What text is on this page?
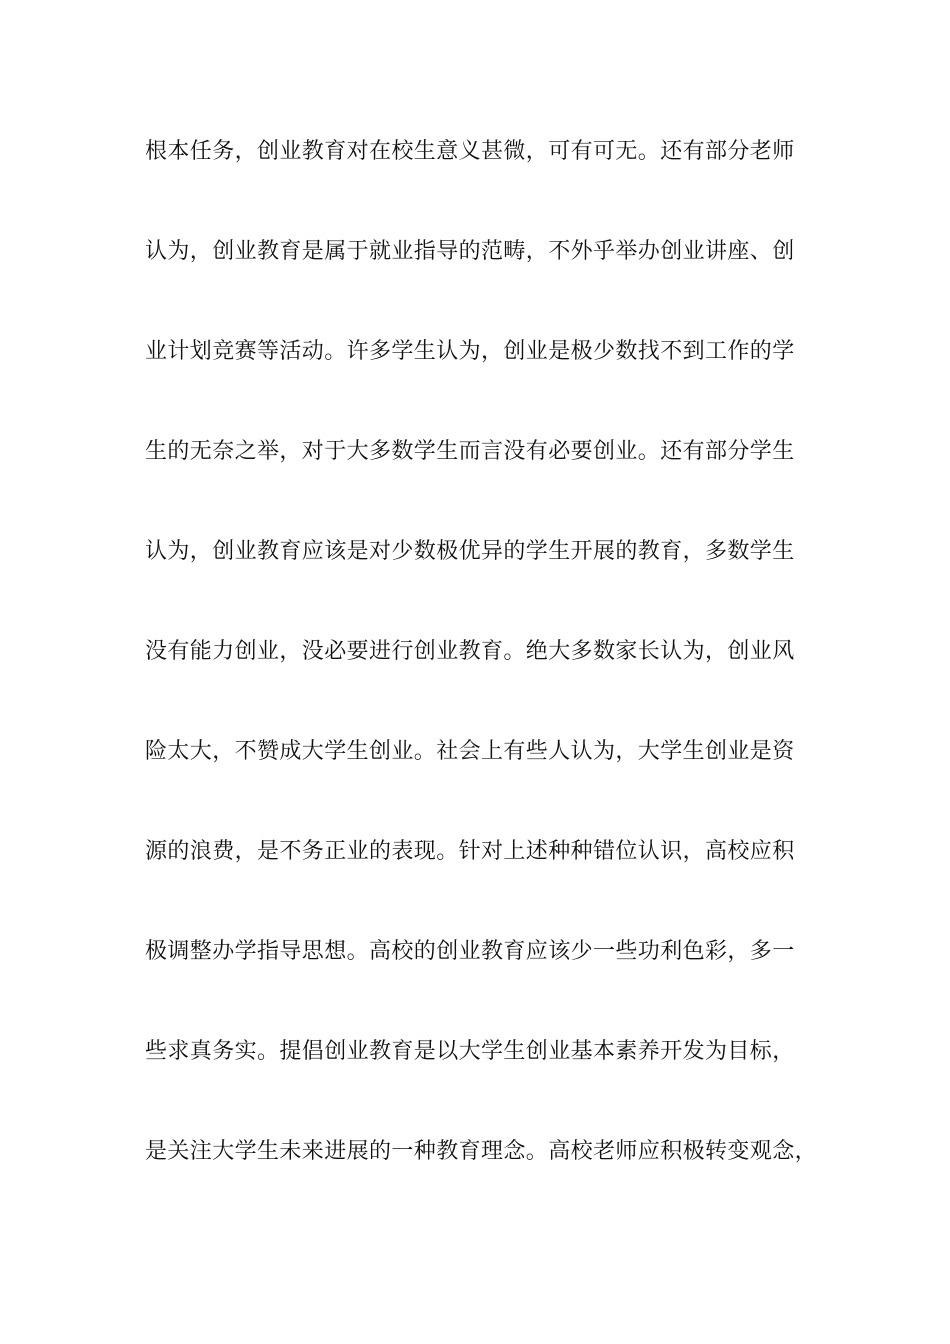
根本任务，创业教育对在校生意义甚微，可有可无。还有部分老师
认为，创业教育是属于就业指导的范畴，不外乎举办创业讲座、创
业计划竞赛等活动。许多学生认为，创业是极少数找不到工作的学
生的无奈之举，对于大多数学生而言没有必要创业。还有部分学生
认为，创业教育应该是对少数极优异的学生开展的教育，多数学生
没有能力创业，没必要进行创业教育。绝大多数家长认为，创业风
险太大，不赞成大学生创业。社会上有些人认为，大学生创业是资
源的浪费，是不务正业的表现。针对上述种种错位认识，高校应积
极调整办学指导思想。高校的创业教育应该少一些功利色彩，多一
些求真务实。提倡创业教育是以大学生创业基本素养开发为目标，
是关注大学生未来进展的一种教育理念。高校老师应积极转变观念，
